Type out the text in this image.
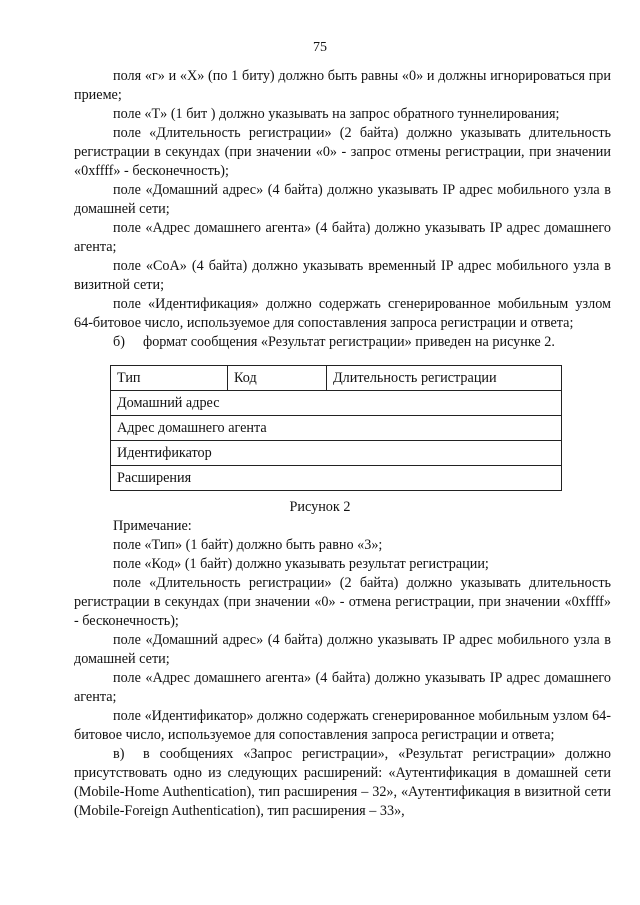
75

поля «г» и «X» (по 1 биту) должно быть равны «0» и должны игнорироваться при приеме;

поле «T» (1 бит ) должно указывать на запрос обратного туннелирования;

поле «Длительность регистрации» (2 байта) должно указывать длительность регистрации в секундах (при значении «0» - запрос отмены регистрации, при значении «0xffff» - бесконечность);

поле «Домашний адрес» (4 байта) должно указывать IP адрес мобильного узла в домашней сети;

поле «Адрес домашнего агента» (4 байта) должно указывать IP адрес домашнего агента;

поле «CoA» (4 байта) должно указывать временный IP адрес мобильного узла в визитной сети;

поле «Идентификация» должно содержать сгенерированное мобильным узлом 64-битовое число, используемое для сопоставления запроса регистрации и ответа;

б) формат сообщения «Результат регистрации» приведен на рисунке 2.

Тип	Код	Длительность регистрации
Домашний адрес
Адрес домашнего агента
Идентификатор
Расширения
Рисунок 2

Примечание:

поле «Тип» (1 байт) должно быть равно «3»;

поле «Код» (1 байт) должно указывать результат регистрации;

поле «Длительность регистрации» (2 байта) должно указывать длительность регистрации в секундах (при значении «0» - отмена регистрации, при значении «0xffff» - бесконечность);

поле «Домашний адрес» (4 байта) должно указывать IP адрес мобильного узла в домашней сети;

поле «Адрес домашнего агента» (4 байта) должно указывать IP адрес домашнего агента;

поле «Идентификатор» должно содержать сгенерированное мобильным узлом 64-битовое число, используемое для сопоставления запроса регистрации и ответа;

в) в сообщениях «Запрос регистрации», «Результат регистрации» должно присутствовать одно из следующих расширений: «Аутентификация в домашней сети (Mobile-Home Authentication), тип расширения – 32», «Аутентификация в визитной сети (Mobile-Foreign Authentication), тип расширения – 33»,
